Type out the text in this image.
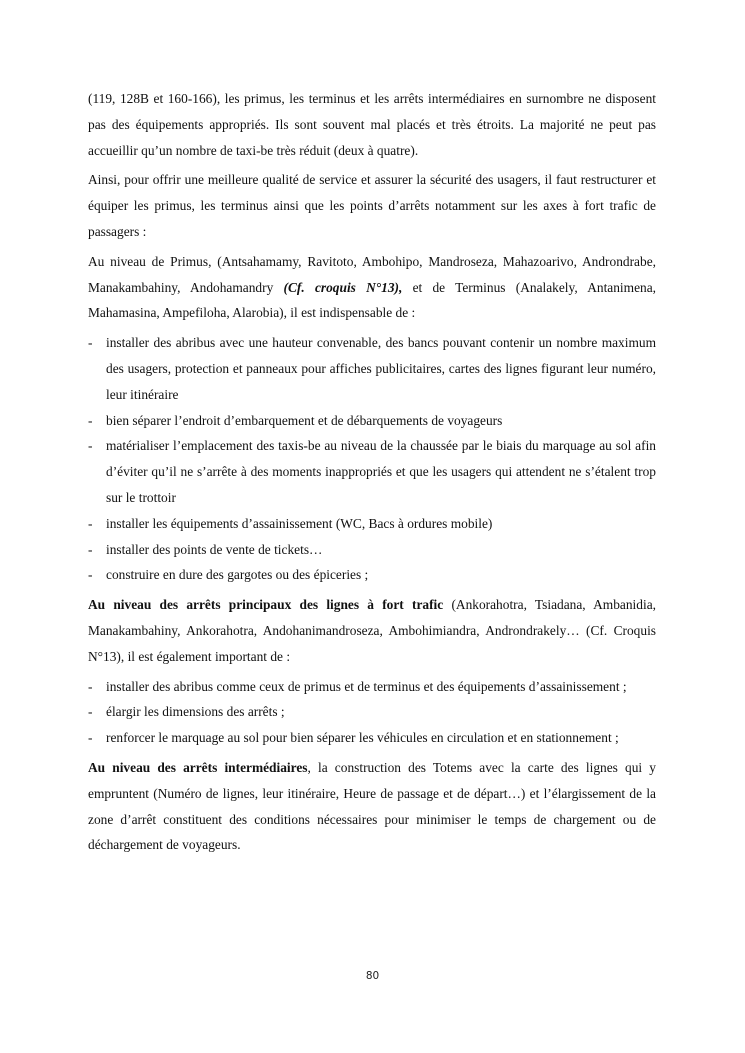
(119, 128B et 160-166), les primus, les terminus et les arrêts intermédiaires en surnombre ne disposent pas des équipements appropriés. Ils sont souvent mal placés et très étroits. La majorité ne peut pas accueillir qu’un nombre de taxi-be très réduit (deux à quatre).

Ainsi, pour offrir une meilleure qualité de service et assurer la sécurité des usagers, il faut restructurer et équiper les primus, les terminus ainsi que les points d’arrêts notamment sur les axes à fort trafic de passagers :

Au niveau de Primus, (Antsahamamy, Ravitoto, Ambohipo, Mandroseza, Mahazoarivo, Androndrabe, Manakambahiny, Andohamandry (Cf. croquis N°13), et de Terminus (Analakely, Antanimena, Mahamasina, Ampefiloha, Alarobia), il est indispensable de :

- installer des abribus avec une hauteur convenable, des bancs pouvant contenir un nombre maximum des usagers, protection et panneaux pour affiches publicitaires, cartes des lignes figurant leur numéro, leur itinéraire
- bien séparer l’endroit d’embarquement et de débarquements de voyageurs
- matérialiser l’emplacement des taxis-be au niveau de la chaussée par le biais du marquage au sol afin d’éviter qu’il ne s’arrête à des moments inappropriés et que les usagers qui attendent ne s’étalent trop sur le trottoir
- installer les équipements d’assainissement (WC, Bacs à ordures mobile)
- installer des points de vente de tickets…
- construire en dure des gargotes ou des épiceries ;

Au niveau des arrêts principaux des lignes à fort trafic (Ankorahotra, Tsiadana, Ambanidia, Manakambahiny, Ankorahotra, Andohanimandroseza, Ambohimiandra, Androndrakely… (Cf. Croquis N°13), il est également important de :

- installer des abribus comme ceux de primus et de terminus et des équipements d’assainissement ;
- élargir les dimensions des arrêts ;
- renforcer le marquage au sol pour bien séparer les véhicules en circulation et en stationnement ;

Au niveau des arrêts intermédiaires, la construction des Totems avec la carte des lignes qui y empruntent (Numéro de lignes, leur itinéraire, Heure de passage et de départ…) et l’élargissement de la zone d’arrêt constituent des conditions nécessaires pour minimiser le temps de chargement ou de déchargement de voyageurs.

80
